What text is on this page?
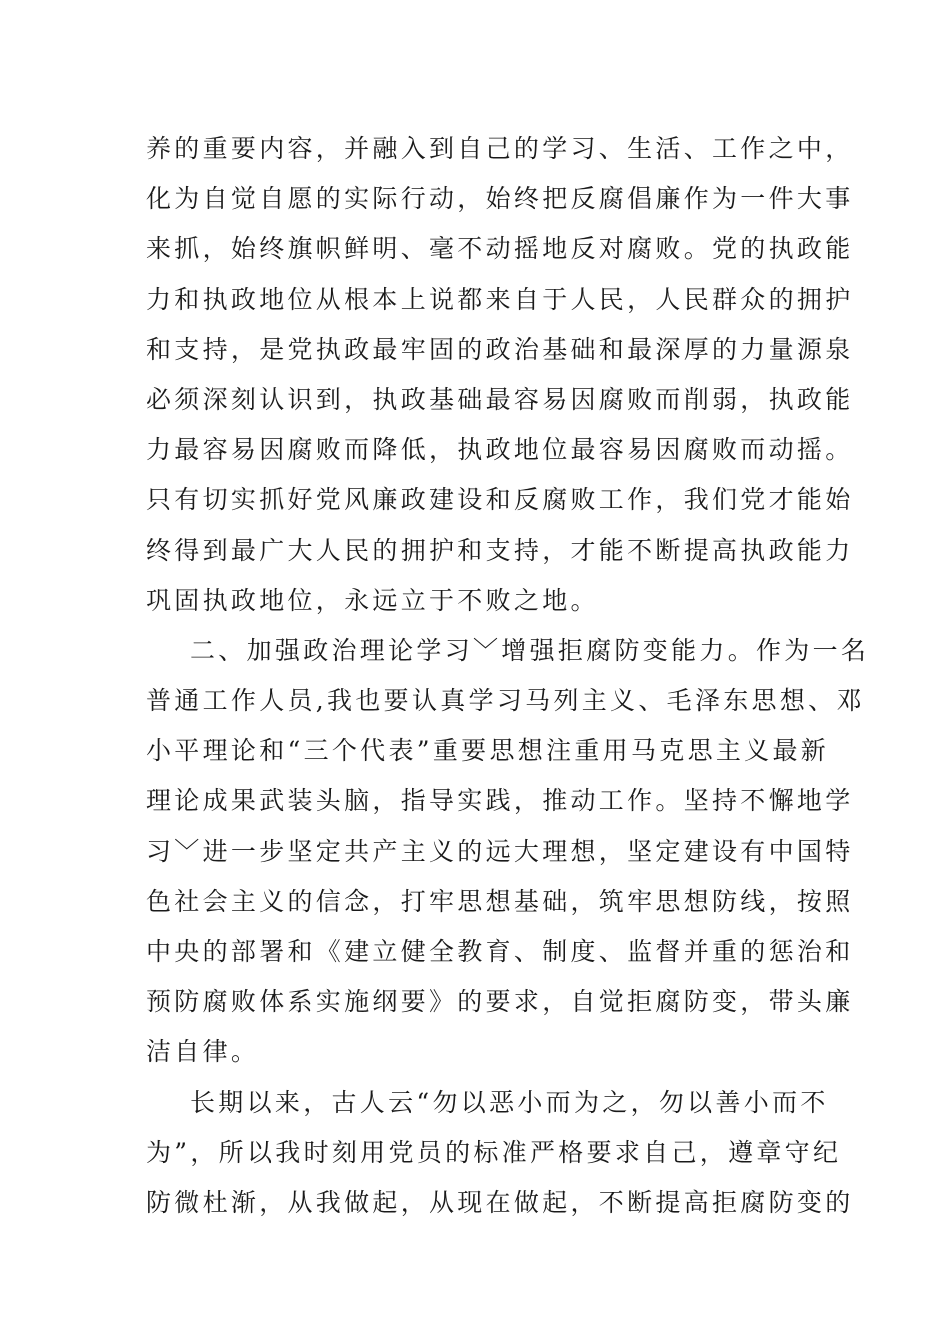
养的重要内容，并融入到自己的学习、生活、工作之中，
化为自觉自愿的实际行动，始终把反腐倡廉作为一件大事
来抓，始终旗帜鲜明、毫不动摇地反对腐败。党的执政能
力和执政地位从根本上说都来自于人民，人民群众的拥护
和支持，是党执政最牢固的政治基础和最深厚的力量源泉
必须深刻认识到，执政基础最容易因腐败而削弱，执政能
力最容易因腐败而降低，执政地位最容易因腐败而动摇。
只有切实抓好党风廉政建设和反腐败工作，我们党才能始
终得到最广大人民的拥护和支持，才能不断提高执政能力
巩固执政地位，永远立于不败之地。
二、加强政治理论学习﹀增强拒腐防变能力。作为一名
普通工作人员,我也要认真学习马列主义、毛泽东思想、邓
小平理论和“三个代表”重要思想注重用马克思主义最新
理论成果武装头脑，指导实践，推动工作。坚持不懈地学
习﹀进一步坚定共产主义的远大理想，坚定建设有中国特
色社会主义的信念，打牢思想基础，筑牢思想防线，按照
中央的部署和《建立健全教育、制度、监督并重的惩治和
预防腐败体系实施纲要》的要求，自觉拒腐防变，带头廉
洁自律。
长期以来，古人云“勿以恶小而为之，勿以善小而不
为”，所以我时刻用党员的标准严格要求自己，遵章守纪
防微杜渐，从我做起，从现在做起，不断提高拒腐防变的
